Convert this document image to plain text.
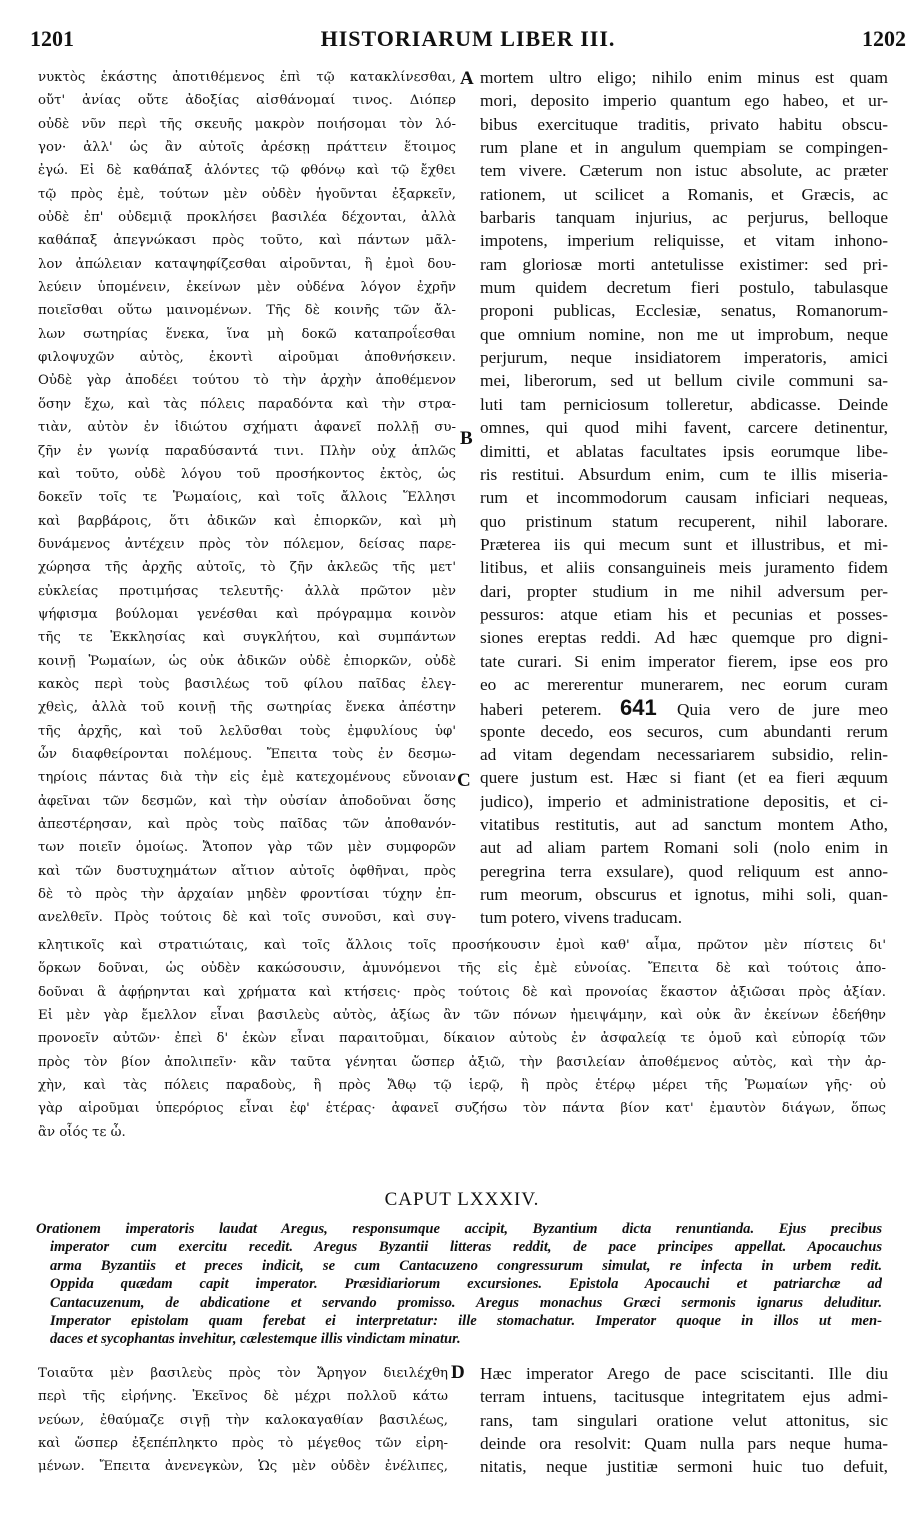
1201	HISTORIARUM LIBER III.	1202
νυκτὸς ἑκάστης ἀποτιθέμενος ἐπὶ τῷ κατακλίνεσθαι,
οὔτ' ἀνίας οὔτε ἀδοξίας αἰσθάνομαί τινος. Διόπερ
οὐδὲ νῦν περὶ τῆς σκευῆς μακρὸν ποιήσομαι τὸν λό-
γον· ἀλλ' ὡς ἂν αὐτοῖς ἀρέσκῃ πράττειν ἕτοιμος
ἐγώ. Εἰ δὲ καθάπαξ ἁλόντες τῷ φθόνῳ καὶ τῷ ἔχθει
τῷ πρὸς ἐμὲ, τούτων μὲν οὐδὲν ἡγοῦνται ἐξαρκεῖν,
οὐδὲ ἐπ' οὐδεμιᾷ προκλήσει βασιλέα δέχονται, ἀλλὰ
καθάπαξ ἀπεγνώκασι πρὸς τοῦτο, καὶ πάντων μᾶλ-
λον ἀπώλειαν καταψηφίζεσθαι αἱροῦνται, ἢ ἐμοὶ δου-
λεύειν ὑπομένειν, ἐκείνων μὲν οὐδένα λόγον ἐχρῆν
ποιεῖσθαι οὕτω μαινομένων. Τῆς δὲ κοινῆς τῶν ἄλ-
λων σωτηρίας ἕνεκα, ἵνα μὴ δοκῶ καταπροΐεσθαι
φιλοψυχῶν αὐτὸς, ἑκοντὶ αἱροῦμαι ἀποθνήσκειν.
Οὐδὲ γὰρ ἀποδέει τούτου τὸ τὴν ἀρχὴν ἀποθέμενον
ὅσην ἔχω, καὶ τὰς πόλεις παραδόντα καὶ τὴν στρα-
τιὰν, αὐτὸν ἐν ἰδιώτου σχήματι ἀφανεῖ πολλῇ συ-
ζῆν ἐν γωνίᾳ παραδύσαντά τινι. Πλὴν οὐχ ἁπλῶς
καὶ τοῦτο, οὐδὲ λόγου τοῦ προσήκοντος ἐκτὸς, ὡς
δοκεῖν τοῖς τε Ῥωμαίοις, καὶ τοῖς ἄλλοις Ἕλλησι
καὶ βαρβάροις, ὅτι ἀδικῶν καὶ ἐπιορκῶν, καὶ μὴ
δυνάμενος ἀντέχειν πρὸς τὸν πόλεμον, δείσας παρε-
χώρησα τῆς ἀρχῆς αὐτοῖς, τὸ ζῆν ἀκλεῶς τῆς μετ'
εὐκλείας προτιμήσας τελευτῆς· ἀλλὰ πρῶτον μὲν
ψήφισμα βούλομαι γενέσθαι καὶ πρόγραμμα κοινὸν
τῆς τε Ἐκκλησίας καὶ συγκλήτου, καὶ συμπάντων
κοινῇ Ῥωμαίων, ὡς οὐκ ἀδικῶν οὐδὲ ἐπιορκῶν, οὐδὲ
κακὸς περὶ τοὺς βασιλέως τοῦ φίλου παῖδας ἐλεγ-
χθεὶς, ἀλλὰ τοῦ κοινῇ τῆς σωτηρίας ἕνεκα ἀπέστην
τῆς ἀρχῆς, καὶ τοῦ λελῦσθαι τοὺς ἐμφυλίους ὑφ'
ὧν διαφθείρονται πολέμους. Ἔπειτα τοὺς ἐν δεσμω-
τηρίοις πάντας διὰ τὴν εἰς ἐμὲ κατεχομένους εὔνοιαν
ἀφεῖναι τῶν δεσμῶν, καὶ τὴν οὐσίαν ἀποδοῦναι ὅσης
ἀπεστέρησαν, καὶ πρὸς τοὺς παῖδας τῶν ἀποθανόν-
των ποιεῖν ὁμοίως. Ἄτοπον γὰρ τῶν μὲν συμφορῶν
καὶ τῶν δυστυχημάτων αἴτιον αὐτοῖς ὀφθῆναι, πρὸς
δὲ τὸ πρὸς τὴν ἀρχαίαν μηδὲν φροντίσαι τύχην ἐπ-
ανελθεῖν. Πρὸς τούτοις δὲ καὶ τοῖς συνοῦσι, καὶ συγ-
mortem ultro eligo; nihilo enim minus est quam
mori, deposito imperio quantum ego habeo, et ur-
bibus exercituque traditis, privato habitu obscu-
rum plane et in angulum quempiam se compingen-
tem vivere. Cæterum non istuc absolute, ac præter
rationem, ut scilicet a Romanis, et Græcis, ac
barbaris tanquam injurius, ac perjurus, belloque
impotens, imperium reliquisse, et vitam inhono-
ram gloriosæ morti antetulisse existimer: sed pri-
mum quidem decretum fieri postulo, tabulasque
proponi publicas, Ecclesiæ, senatus, Romanorum-
que omnium nomine, non me ut improbum, neque
perjurum, neque insidiatorem imperatoris, amici
mei, liberorum, sed ut bellum civile communi sa-
luti tam perniciosum tolleretur, abdicasse. Deinde
omnes, qui quod mihi favent, carcere detinentur,
dimitti, et ablatas facultates ipsis eorumque libe-
ris restitui. Absurdum enim, cum te illis miseria-
rum et incommodorum causam inficiari nequeas,
quo pristinum statum recuperent, nihil laborare.
Præterea iis qui mecum sunt et illustribus, et mi-
litibus, et aliis consanguineis meis juramento fidem
dari, propter studium in me nihil adversum per-
pessuros: atque etiam his et pecunias et posses-
siones ereptas reddi. Ad hæc quemque pro digni-
tate curari. Si enim imperator fierem, ipse eos pro
eo ac mererentur munerarem, nec eorum curam
haberi peterem. 641 Quia vero de jure meo
sponte decedo, eos securos, cum abundanti rerum
ad vitam degendam necessariarem subsidio, relin-
quere justum est. Hæc si fiant (et ea fieri æquum
judico), imperio et administratione depositis, et ci-
vitatibus restitutis, aut ad sanctum montem Atho,
aut ad aliam partem Romani soli (nolo enim in
peregrina terra exsulare), quod reliquum est anno-
rum meorum, obscurus et ignotus, mihi soli, quan-
tum potero, vivens traducam.
A
B
C
D
κλητικοῖς καὶ στρατιώταις, καὶ τοῖς ἄλλοις τοῖς προσήκουσιν ἐμοὶ καθ' αἷμα, πρῶτον μὲν πίστεις δι'
ὅρκων δοῦναι, ὡς οὐδὲν κακώσουσιν, ἀμυνόμενοι τῆς εἰς ἐμὲ εὐνοίας. Ἔπειτα δὲ καὶ τούτοις ἀπο-
δοῦναι ἃ ἀφῄρηνται καὶ χρήματα καὶ κτήσεις· πρὸς τούτοις δὲ καὶ προνοίας ἕκαστον ἀξιῶσαι πρὸς ἀξίαν.
Εἰ μὲν γὰρ ἔμελλον εἶναι βασιλεὺς αὐτὸς, ἀξίως ἂν τῶν πόνων ἠμειψάμην, καὶ οὐκ ἂν ἐκείνων ἐδεήθην
προνοεῖν αὐτῶν· ἐπεὶ δ' ἑκὼν εἶναι παραιτοῦμαι, δίκαιον αὐτοὺς ἐν ἀσφαλείᾳ τε ὁμοῦ καὶ εὐπορίᾳ τῶν
πρὸς τὸν βίον ἀπολιπεῖν· κἂν ταῦτα γένηται ὥσπερ ἀξιῶ, τὴν βασιλείαν ἀποθέμενος αὐτὸς, καὶ τὴν ἀρ-
χὴν, καὶ τὰς πόλεις παραδοὺς, ἢ πρὸς Ἄθῳ τῷ ἱερῷ, ἢ πρὸς ἑτέρῳ μέρει τῆς Ῥωμαίων γῆς· οὐ
γὰρ αἱροῦμαι ὑπερόριος εἶναι ἐφ' ἑτέρας· ἀφανεῖ συζήσω τὸν πάντα βίον κατ' ἐμαυτὸν διάγων, ὅπως
ἂν οἷός τε ὦ.
CAPUT LXXXIV.
Orationem imperatoris laudat Aregus, responsumque accipit, Byzantium dicta renuntianda. Ejus precibus
imperator cum exercitu recedit. Aregus Byzantii litteras reddit, de pace principes appellat. Apocauchus
arma Byzantiis et preces indicit, se cum Cantacuzeno congressurum simulat, re infecta in urbem redit.
Oppida quædam capit imperator. Præsidiariorum excursiones. Epistola Apocauchi et patriarchæ ad
Cantacuzenum, de abdicatione et servando promisso. Aregus monachus Græci sermonis ignarus deluditur.
Imperator epistolam quam ferebat ei interpretatur: ille stomachatur. Imperator quoque in illos ut men-
daces et sycophantas invehitur, cælestemque illis vindictam minatur.
Τοιαῦτα μὲν βασιλεὺς πρὸς τὸν Ἄρηγον διειλέχθη
περὶ τῆς εἰρήνης. Ἐκεῖνος δὲ μέχρι πολλοῦ κάτω
νεύων, ἐθαύμαζε σιγῇ τὴν καλοκαγαθίαν βασιλέως,
καὶ ὥσπερ ἐξεπέπληκτο πρὸς τὸ μέγεθος τῶν εἰρη-
μένων. Ἔπειτα ἀνενεγκὼν, Ὡς μὲν οὐδὲν ἐνέλιπες,
Hæc imperator Arego de pace sciscitanti. Ille diu
terram intuens, tacitusque integritatem ejus admi-
rans, tam singulari oratione velut attonitus, sic
deinde ora resolvit: Quam nulla pars neque huma-
nitatis, neque justitiæ sermoni huic tuo defuit,
